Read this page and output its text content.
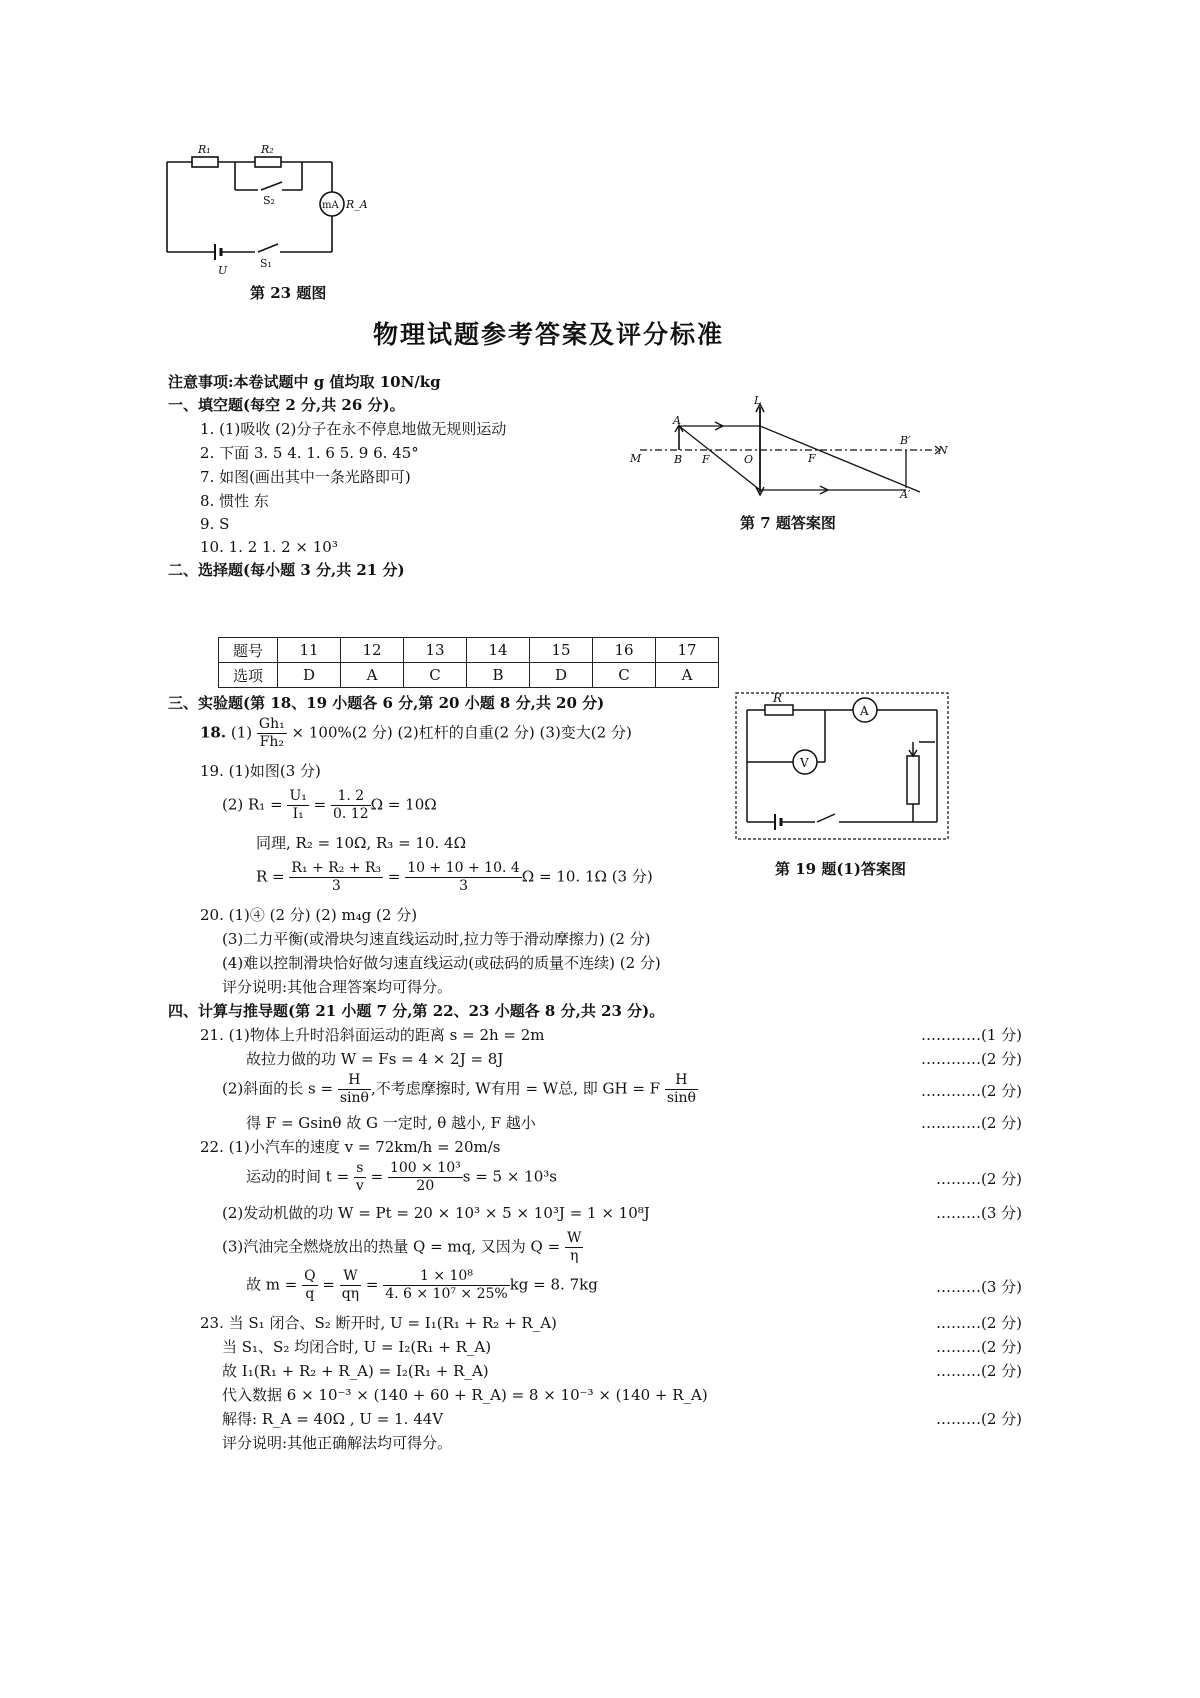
R₁	R₂
S₂	mA R_A
U
S₁
第 23 题图
物理试题参考答案及评分标准
注意事项:本卷试题中 g 值均取 10N/kg
一、填空题(每空 2 分,共 26 分)。
1. (1)吸收 (2)分子在永不停息地做无规则运动
2. 下面 3. 5 4. 1. 6 5. 9 6. 45°
7. 如图(画出其中一条光路即可)
8. 惯性 东
9. S
10. 1. 2 1. 2 × 10³
L
A
B′
N
M	B F	O	F
A′
第 7 题答案图
二、选择题(每小题 3 分,共 21 分)
题号	11	12	13	14	15	16	17
选项	D	A	C	B	D	C	A
三、实验题(第 18、19 小题各 6 分,第 20 小题 8 分,共 20 分)
18. $(1) \frac{\text{Gh₁}}{\text{Fh₂}} \times 100\%(2$ 分) (2)杠杆的自重(2 分) (3)变大(2 分)
19. (1)如图(3 分)
(2) $R_1 = \frac{\text{U₁}}{\text{I₁}} = \frac{1. 2}{0. 12}$ Ω = 10Ω
同理, R₂ = 10Ω, R₃ = 10. 4Ω
$R = \frac{\text{R₁ + R₂ + R₃}}{3} = \frac{10 + 10 + 10. 4}{3}$ Ω = 10. 1Ω (3 分)
20. (1)④ (2 分) (2) m₄g (2 分)
(3)二力平衡(或滑块匀速直线运动时,拉力等于滑动摩擦力) (2 分)
(4)难以控制滑块恰好做匀速直线运动(或砝码的质量不连续) (2 分)
评分说明:其他合理答案均可得分。
R
A
V
第 19 题(1)答案图
四、计算与推导题(第 21 小题 7 分,第 22、23 小题各 8 分,共 23 分)。
21. (1)物体上升时沿斜面运动的距离 s = 2h = 2m	…………(1 分)
故拉力做的功 W = Fs = 4 × 2J = 8J	…………(2 分)
(2)斜面的长 $s = \frac{H}{\sin\theta}$ ,不考虑摩擦时, W有用 = W总, 即 GH = F $\frac{H}{\sin\theta}$	…………(2 分)
得 F = Gsinθ 故 G 一定时, θ 越小, F 越小	…………(2 分)
22. (1)小汽车的速度 v = 72km/h = 20m/s
运动的时间 $t = \frac{s}{v} = \frac{\text{100 × 10³}}{20}$ s = 5 × 10³s	………(2 分)
(2)发动机做的功 W = Pt = 20 × 10³ × 5 × 10³J = 1 × 10⁸J	………(3 分)
(3)汽油完全燃烧放出的热量 Q = mq, 又因为 $Q = \frac{W}{\eta}$
故 $m = \frac{Q}{q} = \frac{W}{q\eta} = \frac{\text{1 × 10⁸}}{\text{4. 6 × 10⁷ × 25\%}}$ kg = 8. 7kg	………(3 分)
23. 当 S₁ 闭合、S₂ 断开时, U = I₁(R₁ + R₂ + R_A)	………(2 分)
当 S₁、S₂ 均闭合时, U = I₂(R₁ + R_A)	………(2 分)
故 I₁(R₁ + R₂ + R_A) = I₂(R₁ + R_A)	………(2 分)
代入数据 6 × 10⁻³ × (140 + 60 + R_A) = 8 × 10⁻³ × (140 + R_A)
解得: R_A = 40Ω , U = 1. 44V	………(2 分)
评分说明:其他正确解法均可得分。
